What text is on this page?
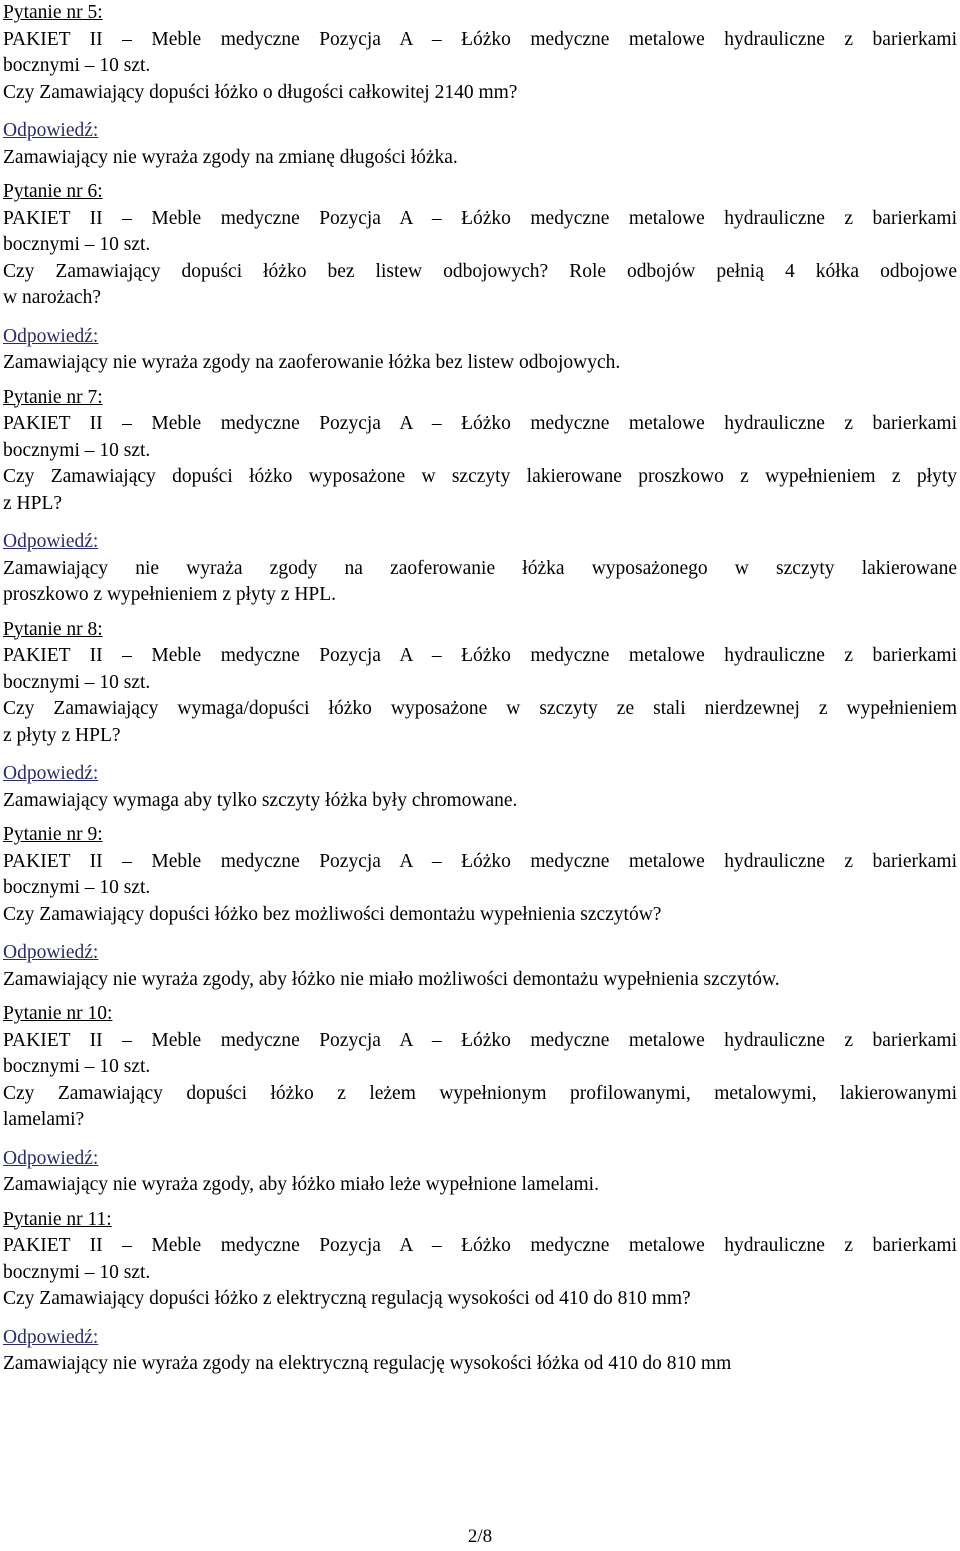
Pytanie nr 5:
PAKIET II – Meble medyczne Pozycja A – Łóżko medyczne metalowe hydrauliczne z barierkami
bocznymi – 10 szt.
Czy Zamawiający dopuści łóżko o długości całkowitej 2140 mm?
Odpowiedź:
Zamawiający nie wyraża zgody na zmianę długości łóżka.
Pytanie nr 6:
PAKIET II – Meble medyczne Pozycja A – Łóżko medyczne metalowe hydrauliczne z barierkami
bocznymi – 10 szt.
Czy Zamawiający dopuści łóżko bez listew odbojowych? Role odbojów pełnią 4 kółka odbojowe
w narożach?
Odpowiedź:
Zamawiający nie wyraża zgody na zaoferowanie łóżka bez listew odbojowych.
Pytanie nr 7:
PAKIET II – Meble medyczne Pozycja A – Łóżko medyczne metalowe hydrauliczne z barierkami
bocznymi – 10 szt.
Czy Zamawiający dopuści łóżko wyposażone w szczyty lakierowane proszkowo z wypełnieniem z płyty
z HPL?
Odpowiedź:
Zamawiający nie wyraża zgody na zaoferowanie łóżka wyposażonego w szczyty lakierowane
proszkowo z wypełnieniem z płyty z HPL.
Pytanie nr 8:
PAKIET II – Meble medyczne Pozycja A – Łóżko medyczne metalowe hydrauliczne z barierkami
bocznymi – 10 szt.
Czy Zamawiający wymaga/dopuści łóżko wyposażone w szczyty ze stali nierdzewnej z wypełnieniem
z płyty z HPL?
Odpowiedź:
Zamawiający wymaga aby tylko szczyty łóżka były chromowane.
Pytanie nr 9:
PAKIET II – Meble medyczne Pozycja A – Łóżko medyczne metalowe hydrauliczne z barierkami
bocznymi – 10 szt.
Czy Zamawiający dopuści łóżko bez możliwości demontażu wypełnienia szczytów?
Odpowiedź:
Zamawiający nie wyraża zgody, aby łóżko nie miało możliwości demontażu wypełnienia szczytów.
Pytanie nr 10:
PAKIET II – Meble medyczne Pozycja A – Łóżko medyczne metalowe hydrauliczne z barierkami
bocznymi – 10 szt.
Czy Zamawiający dopuści łóżko z leżem wypełnionym profilowanymi, metalowymi, lakierowanymi
lamelami?
Odpowiedź:
Zamawiający nie wyraża zgody, aby łóżko miało leże wypełnione lamelami.
Pytanie nr 11:
PAKIET II – Meble medyczne Pozycja A – Łóżko medyczne metalowe hydrauliczne z barierkami
bocznymi – 10 szt.
Czy Zamawiający dopuści łóżko z elektryczną regulacją wysokości od 410 do 810 mm?
Odpowiedź:
Zamawiający nie wyraża zgody na elektryczną regulację wysokości łóżka od 410 do 810 mm
2/8
